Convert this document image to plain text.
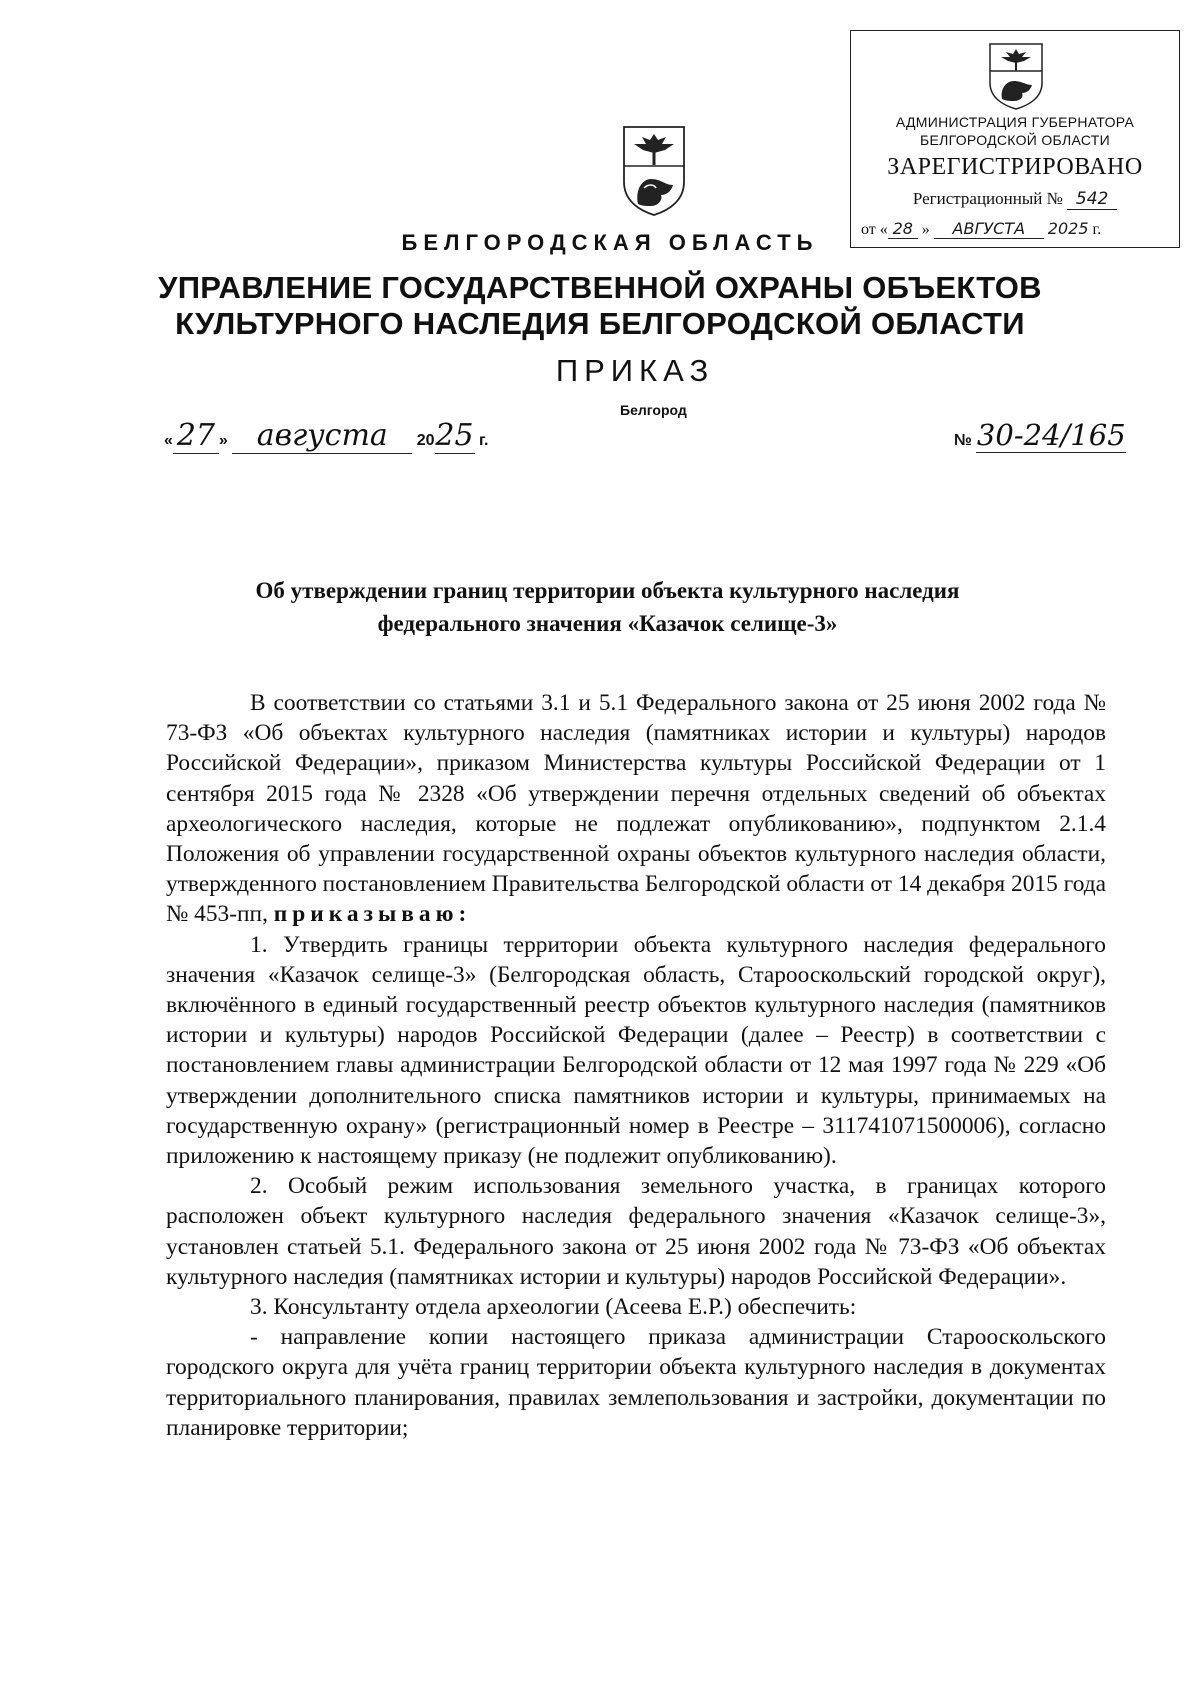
АДМИНИСТРАЦИЯ ГУБЕРНАТОРА
БЕЛГОРОДСКОЙ ОБЛАСТИ
ЗАРЕГИСТРИРОВАНО
Регистрационный № 542
от « 28 » АВГУСТА 2025 г.
БЕЛГОРОДСКАЯ ОБЛАСТЬ
УПРАВЛЕНИЕ ГОСУДАРСТВЕННОЙ ОХРАНЫ ОБЪЕКТОВ
КУЛЬТУРНОГО НАСЛЕДИЯ БЕЛГОРОДСКОЙ ОБЛАСТИ
ПРИКАЗ
Белгород
« 27 » августа 2025 г.	№ 30-24/165
Об утверждении границ территории объекта культурного наследия
федерального значения «Казачок селище-3»

В соответствии со статьями 3.1 и 5.1 Федерального закона от 25 июня 2002 года № 73-ФЗ «Об объектах культурного наследия (памятниках истории и культуры) народов Российской Федерации», приказом Министерства культуры Российской Федерации от 1 сентября 2015 года № 2328 «Об утверждении перечня отдельных сведений об объектах археологического наследия, которые не подлежат опубликованию», подпунктом 2.1.4 Положения об управлении государственной охраны объектов культурного наследия области, утвержденного постановлением Правительства Белгородской области от 14 декабря 2015 года № 453-пп, приказываю:

1. Утвердить границы территории объекта культурного наследия федерального значения «Казачок селище-3» (Белгородская область, Старооскольский городской округ), включённого в единый государственный реестр объектов культурного наследия (памятников истории и культуры) народов Российской Федерации (далее – Реестр) в соответствии с постановлением главы администрации Белгородской области от 12 мая 1997 года № 229 «Об утверждении дополнительного списка памятников истории и культуры, принимаемых на государственную охрану» (регистрационный номер в Реестре – 311741071500006), согласно приложению к настоящему приказу (не подлежит опубликованию).

2. Особый режим использования земельного участка, в границах которого расположен объект культурного наследия федерального значения «Казачок селище-3», установлен статьей 5.1. Федерального закона от 25 июня 2002 года № 73-ФЗ «Об объектах культурного наследия (памятниках истории и культуры) народов Российской Федерации».

3. Консультанту отдела археологии (Асеева Е.Р.) обеспечить:

- направление копии настоящего приказа администрации Старооскольского городского округа для учёта границ территории объекта культурного наследия в документах территориального планирования, правилах землепользования и застройки, документации по планировке территории;
